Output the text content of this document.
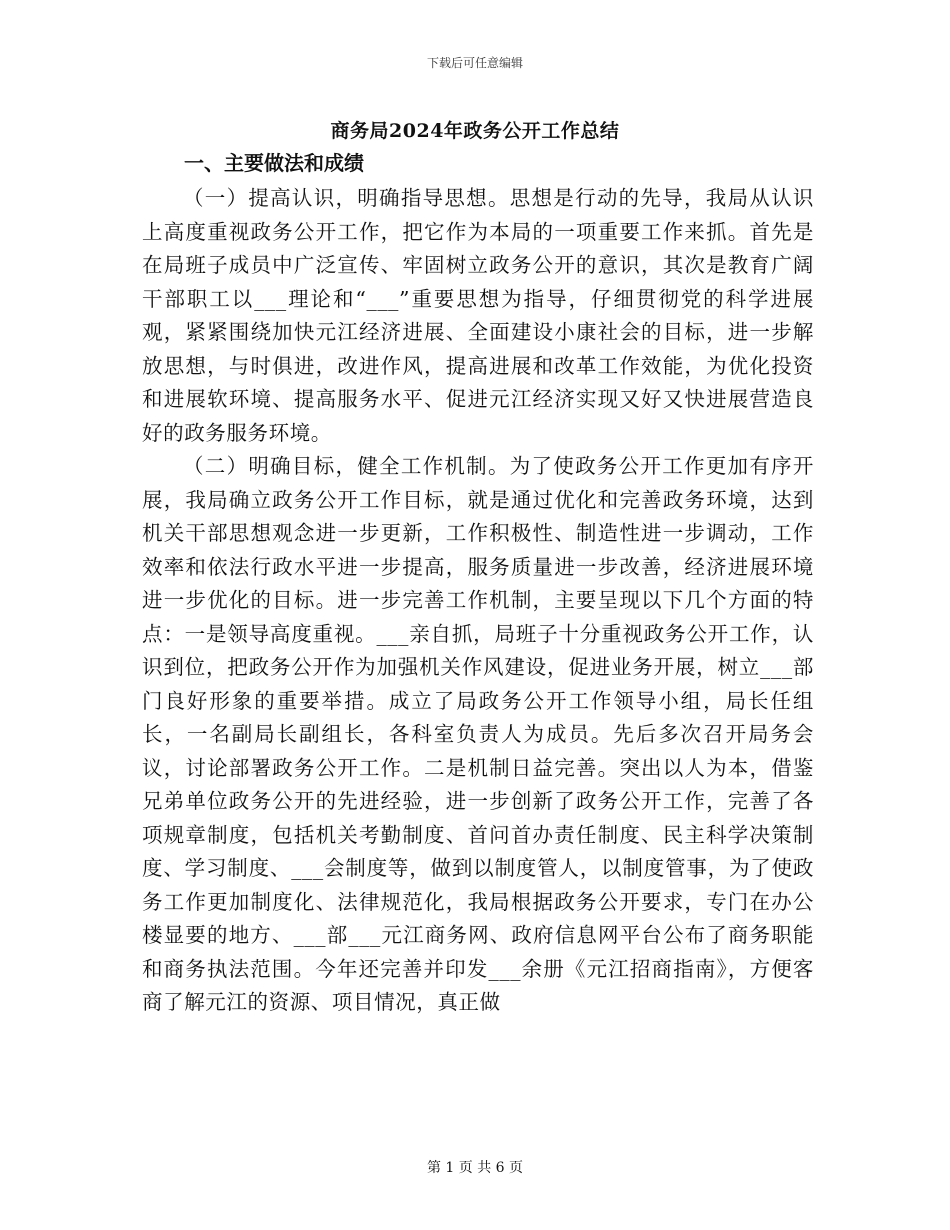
下载后可任意编辑
商务局2024年政务公开工作总结
一、主要做法和成绩

（一）提高认识，明确指导思想。思想是行动的先导，我局从认识上高度重视政务公开工作，把它作为本局的一项重要工作来抓。首先是在局班子成员中广泛宣传、牢固树立政务公开的意识，其次是教育广阔干部职工以___理论和“___”重要思想为指导，仔细贯彻党的科学进展观，紧紧围绕加快元江经济进展、全面建设小康社会的目标，进一步解放思想，与时俱进，改进作风，提高进展和改革工作效能，为优化投资和进展软环境、提高服务水平、促进元江经济实现又好又快进展营造良好的政务服务环境。

（二）明确目标，健全工作机制。为了使政务公开工作更加有序开展，我局确立政务公开工作目标，就是通过优化和完善政务环境，达到机关干部思想观念进一步更新，工作积极性、制造性进一步调动，工作效率和依法行政水平进一步提高，服务质量进一步改善，经济进展环境进一步优化的目标。进一步完善工作机制，主要呈现以下几个方面的特点：一是领导高度重视。___亲自抓，局班子十分重视政务公开工作，认识到位，把政务公开作为加强机关作风建设，促进业务开展，树立___部门良好形象的重要举措。成立了局政务公开工作领导小组，局长任组长，一名副局长副组长，各科室负责人为成员。先后多次召开局务会议，讨论部署政务公开工作。二是机制日益完善。突出以人为本，借鉴兄弟单位政务公开的先进经验，进一步创新了政务公开工作，完善了各项规章制度，包括机关考勤制度、首问首办责任制度、民主科学决策制度、学习制度、___会制度等，做到以制度管人，以制度管事，为了使政务工作更加制度化、法律规范化，我局根据政务公开要求，专门在办公楼显要的地方、___部___元江商务网、政府信息网平台公布了商务职能和商务执法范围。今年还完善并印发___余册《元江招商指南》，方便客商了解元江的资源、项目情况，真正做

第 1 页 共 6 页
